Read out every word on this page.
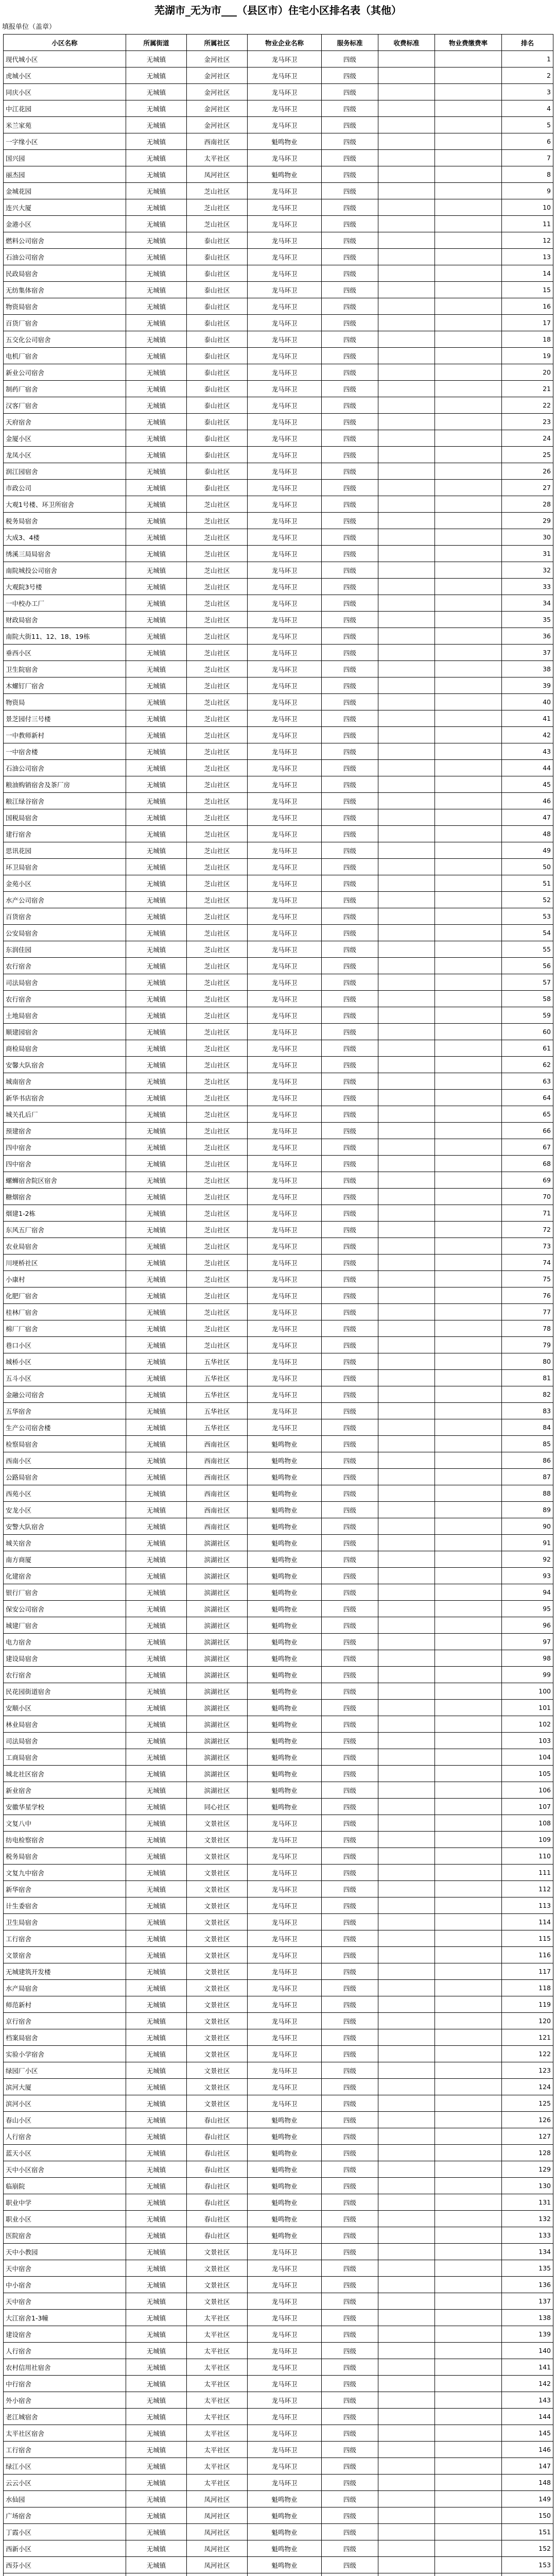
芜湖市_无为市___（县区市）住宅小区排名表（其他）
填报单位（盖章）
小区名称	所属街道	所属社区	物业企业名称	服务标准	收费标准	物业费缴费率	排名
现代城小区	无城镇	金河社区	龙马环卫	四级			1
虎城小区	无城镇	金河社区	龙马环卫	四级			2
同庆小区	无城镇	金河社区	龙马环卫	四级			3
中江花园	无城镇	金河社区	龙马环卫	四级			4
米兰家苑	无城镇	金河社区	龙马环卫	四级			5
一字缘小区	无城镇	西南社区	魁鸣物业	四级			6
国兴园	无城镇	太平社区	龙马环卫	四级			7
丽杰园	无城镇	凤河社区	魁鸣物业	四级			8
金城花园	无城镇	芝山社区	龙马环卫	四级			9
连兴大厦	无城镇	芝山社区	龙马环卫	四级			10
金港小区	无城镇	芝山社区	龙马环卫	四级			11
燃料公司宿舍	无城镇	泰山社区	龙马环卫	四级			12
石油公司宿舍	无城镇	泰山社区	龙马环卫	四级			13
民政局宿舍	无城镇	泰山社区	龙马环卫	四级			14
无纺集体宿舍	无城镇	泰山社区	龙马环卫	四级			15
物资局宿舍	无城镇	泰山社区	龙马环卫	四级			16
百货厂宿舍	无城镇	泰山社区	龙马环卫	四级			17
五交化公司宿舍	无城镇	泰山社区	龙马环卫	四级			18
电机厂宿舍	无城镇	泰山社区	龙马环卫	四级			19
新业公司宿舍	无城镇	泰山社区	龙马环卫	四级			20
制药厂宿舍	无城镇	泰山社区	龙马环卫	四级			21
汉客厂宿舍	无城镇	泰山社区	龙马环卫	四级			22
天府宿舍	无城镇	泰山社区	龙马环卫	四级			23
金厦小区	无城镇	泰山社区	龙马环卫	四级			24
龙凤小区	无城镇	泰山社区	龙马环卫	四级			25
润江园宿舍	无城镇	泰山社区	龙马环卫	四级			26
市政公司	无城镇	泰山社区	龙马环卫	四级			27
大观1号楼、环卫所宿舍	无城镇	芝山社区	龙马环卫	四级			28
税务局宿舍	无城镇	芝山社区	龙马环卫	四级			29
大成3、4楼	无城镇	芝山社区	龙马环卫	四级			30
绣溪三局局宿舍	无城镇	芝山社区	龙马环卫	四级			31
南院城投公司宿舍	无城镇	芝山社区	龙马环卫	四级			32
大观院3号楼	无城镇	芝山社区	龙马环卫	四级			33
一中校办工厂	无城镇	芝山社区	龙马环卫	四级			34
财政局宿舍	无城镇	芝山社区	龙马环卫	四级			35
南院大街11、12、18、19栋	无城镇	芝山社区	龙马环卫	四级			36
垂西小区	无城镇	芝山社区	龙马环卫	四级			37
卫生院宿舍	无城镇	芝山社区	龙马环卫	四级			38
木螺钉厂宿舍	无城镇	芝山社区	龙马环卫	四级			39
物资局	无城镇	芝山社区	龙马环卫	四级			40
景芝园付三号楼	无城镇	芝山社区	龙马环卫	四级			41
一中教师新村	无城镇	芝山社区	龙马环卫	四级			42
一中宿舍楼	无城镇	芝山社区	龙马环卫	四级			43
石油公司宿舍	无城镇	芝山社区	龙马环卫	四级			44
粮油购销宿舍及茶厂房	无城镇	芝山社区	龙马环卫	四级			45
粮江绿谷宿舍	无城镇	芝山社区	龙马环卫	四级			46
国税局宿舍	无城镇	芝山社区	龙马环卫	四级			47
建行宿舍	无城镇	芝山社区	龙马环卫	四级			48
思讯花园	无城镇	芝山社区	龙马环卫	四级			49
环卫局宿舍	无城镇	芝山社区	龙马环卫	四级			50
金苑小区	无城镇	芝山社区	龙马环卫	四级			51
水产公司宿舍	无城镇	芝山社区	龙马环卫	四级			52
百货宿舍	无城镇	芝山社区	龙马环卫	四级			53
公安局宿舍	无城镇	芝山社区	龙马环卫	四级			54
东润佳园	无城镇	芝山社区	龙马环卫	四级			55
农行宿舍	无城镇	芝山社区	龙马环卫	四级			56
司法局宿舍	无城镇	芝山社区	龙马环卫	四级			57
农行宿舍	无城镇	芝山社区	龙马环卫	四级			58
土地局宿舍	无城镇	芝山社区	龙马环卫	四级			59
顺建园宿舍	无城镇	芝山社区	龙马环卫	四级			60
商检局宿舍	无城镇	芝山社区	龙马环卫	四级			61
安馨大队宿舍	无城镇	芝山社区	龙马环卫	四级			62
城南宿舍	无城镇	芝山社区	龙马环卫	四级			63
新华书店宿舍	无城镇	芝山社区	龙马环卫	四级			64
城关孔后厂	无城镇	芝山社区	龙马环卫	四级			65
预建宿舍	无城镇	芝山社区	龙马环卫	四级			66
四中宿舍	无城镇	芝山社区	龙马环卫	四级			67
四中宿舍	无城镇	芝山社区	龙马环卫	四级			68
螺蛳宿舍院区宿舍	无城镇	芝山社区	龙马环卫	四级			69
糖烟宿舍	无城镇	芝山社区	龙马环卫	四级			70
烟建1-2栋	无城镇	芝山社区	龙马环卫	四级			71
东风五厂宿舍	无城镇	芝山社区	龙马环卫	四级			72
农业局宿舍	无城镇	芝山社区	龙马环卫	四级			73
川埂桥社区	无城镇	芝山社区	龙马环卫	四级			74
小康村	无城镇	芝山社区	龙马环卫	四级			75
化肥厂宿舍	无城镇	芝山社区	龙马环卫	四级			76
桂林厂宿舍	无城镇	芝山社区	龙马环卫	四级			77
棉厂厂宿舍	无城镇	芝山社区	龙马环卫	四级			78
巷口小区	无城镇	芝山社区	龙马环卫	四级			79
城桥小区	无城镇	五华社区	龙马环卫	四级			80
五斗小区	无城镇	五华社区	龙马环卫	四级			81
金融公司宿舍	无城镇	五华社区	龙马环卫	四级			82
五华宿舍	无城镇	五华社区	龙马环卫	四级			83
生产公司宿舍楼	无城镇	五华社区	龙马环卫	四级			84
检察局宿舍	无城镇	西南社区	魁鸣物业	四级			85
西南小区	无城镇	西南社区	魁鸣物业	四级			86
公路局宿舍	无城镇	西南社区	魁鸣物业	四级			87
西苑小区	无城镇	西南社区	魁鸣物业	四级			88
安龙小区	无城镇	西南社区	魁鸣物业	四级			89
安警大队宿舍	无城镇	西南社区	魁鸣物业	四级			90
城关宿舍	无城镇	滨湖社区	魁鸣物业	四级			91
南方商厦	无城镇	滨湖社区	魁鸣物业	四级			92
化建宿舍	无城镇	滨湖社区	魁鸣物业	四级			93
银行厂宿舍	无城镇	滨湖社区	魁鸣物业	四级			94
保安公司宿舍	无城镇	滨湖社区	魁鸣物业	四级			95
城建厂宿舍	无城镇	滨湖社区	魁鸣物业	四级			96
电力宿舍	无城镇	滨湖社区	魁鸣物业	四级			97
建设局宿舍	无城镇	滨湖社区	魁鸣物业	四级			98
农行宿舍	无城镇	滨湖社区	魁鸣物业	四级			99
民花园街道宿舍	无城镇	滨湖社区	魁鸣物业	四级			100
安顺小区	无城镇	滨湖社区	魁鸣物业	四级			101
林业局宿舍	无城镇	滨湖社区	魁鸣物业	四级			102
司法局宿舍	无城镇	滨湖社区	魁鸣物业	四级			103
工商局宿舍	无城镇	滨湖社区	魁鸣物业	四级			104
城北社区宿舍	无城镇	滨湖社区	魁鸣物业	四级			105
新业宿舍	无城镇	滨湖社区	魁鸣物业	四级			106
安徽华星学校	无城镇	同心社区	魁鸣物业	四级			107
文复八中	无城镇	文景社区	龙马环卫	四级			108
纺电检察宿舍	无城镇	文景社区	龙马环卫	四级			109
税务局宿舍	无城镇	文景社区	龙马环卫	四级			110
文复九中宿舍	无城镇	文景社区	龙马环卫	四级			111
新华宿舍	无城镇	文景社区	龙马环卫	四级			112
计生委宿舍	无城镇	文景社区	龙马环卫	四级			113
卫生局宿舍	无城镇	文景社区	龙马环卫	四级			114
工行宿舍	无城镇	文景社区	龙马环卫	四级			115
文景宿舍	无城镇	文景社区	龙马环卫	四级			116
无城建筑开发楼	无城镇	文景社区	龙马环卫	四级			117
水产局宿舍	无城镇	文景社区	龙马环卫	四级			118
师范新村	无城镇	文景社区	龙马环卫	四级			119
京行宿舍	无城镇	文景社区	龙马环卫	四级			120
档案局宿舍	无城镇	文景社区	龙马环卫	四级			121
实验小学宿舍	无城镇	文景社区	龙马环卫	四级			122
绿园厂小区	无城镇	文景社区	龙马环卫	四级			123
滨河大厦	无城镇	文景社区	龙马环卫	四级			124
滨河小区	无城镇	文景社区	龙马环卫	四级			125
春山小区	无城镇	春山社区	魁鸣物业	四级			126
人行宿舍	无城镇	春山社区	魁鸣物业	四级			127
蓝天小区	无城镇	春山社区	魁鸣物业	四级			128
天中小区宿舍	无城镇	春山社区	魁鸣物业	四级			129
临崩院	无城镇	春山社区	魁鸣物业	四级			130
职业中学	无城镇	春山社区	魁鸣物业	四级			131
职业小区	无城镇	春山社区	魁鸣物业	四级			132
医院宿舍	无城镇	春山社区	魁鸣物业	四级			133
天中小教园	无城镇	文景社区	龙马环卫	四级			134
天中宿舍	无城镇	文景社区	龙马环卫	四级			135
中小宿舍	无城镇	文景社区	龙马环卫	四级			136
天中宿舍	无城镇	文景社区	龙马环卫	四级			137
大江宿舍1-3幢	无城镇	太平社区	龙马环卫	四级			138
建设宿舍	无城镇	太平社区	龙马环卫	四级			139
人行宿舍	无城镇	太平社区	龙马环卫	四级			140
农村信用社宿舍	无城镇	太平社区	龙马环卫	四级			141
中行宿舍	无城镇	太平社区	龙马环卫	四级			142
外小宿舍	无城镇	太平社区	龙马环卫	四级			143
老江城宿舍	无城镇	太平社区	龙马环卫	四级			144
太平社区宿舍	无城镇	太平社区	龙马环卫	四级			145
工行宿舍	无城镇	太平社区	龙马环卫	四级			146
绿江小区	无城镇	太平社区	龙马环卫	四级			147
云云小区	无城镇	太平社区	龙马环卫	四级			148
水仙园	无城镇	凤河社区	魁鸣物业	四级			149
广场宿舍	无城镇	凤河社区	魁鸣物业	四级			150
丁霞小区	无城镇	凤河社区	魁鸣物业	四级			151
西新小区	无城镇	凤河社区	魁鸣物业	四级			152
西芬小区	无城镇	凤河社区	魁鸣物业	四级			153
